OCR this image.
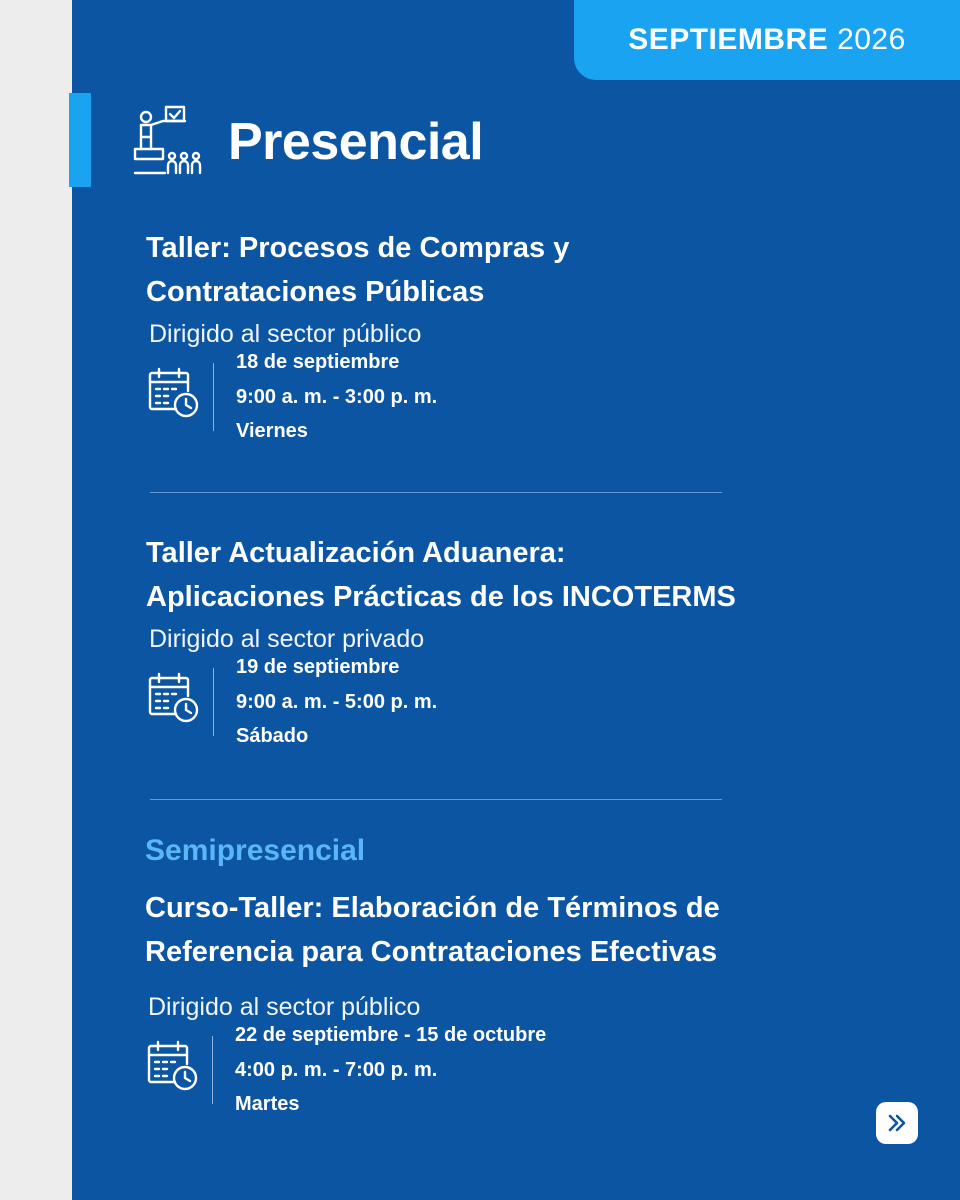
SEPTIEMBRE 2026
Presencial

Taller: Procesos de Compras y

Contrataciones Públicas

Dirigido al sector público

18 de septiembre
9:00 a. m. - 3:00 p. m.
Viernes

Taller Actualización Aduanera:

Aplicaciones Prácticas de los INCOTERMS

Dirigido al sector privado

19 de septiembre
9:00 a. m. - 5:00 p. m.
Sábado
Semipresencial

Curso-Taller: Elaboración de Términos de

Referencia para Contrataciones Efectivas

Dirigido al sector público

22 de septiembre - 15 de octubre
4:00 p. m. - 7:00 p. m.
Martes
